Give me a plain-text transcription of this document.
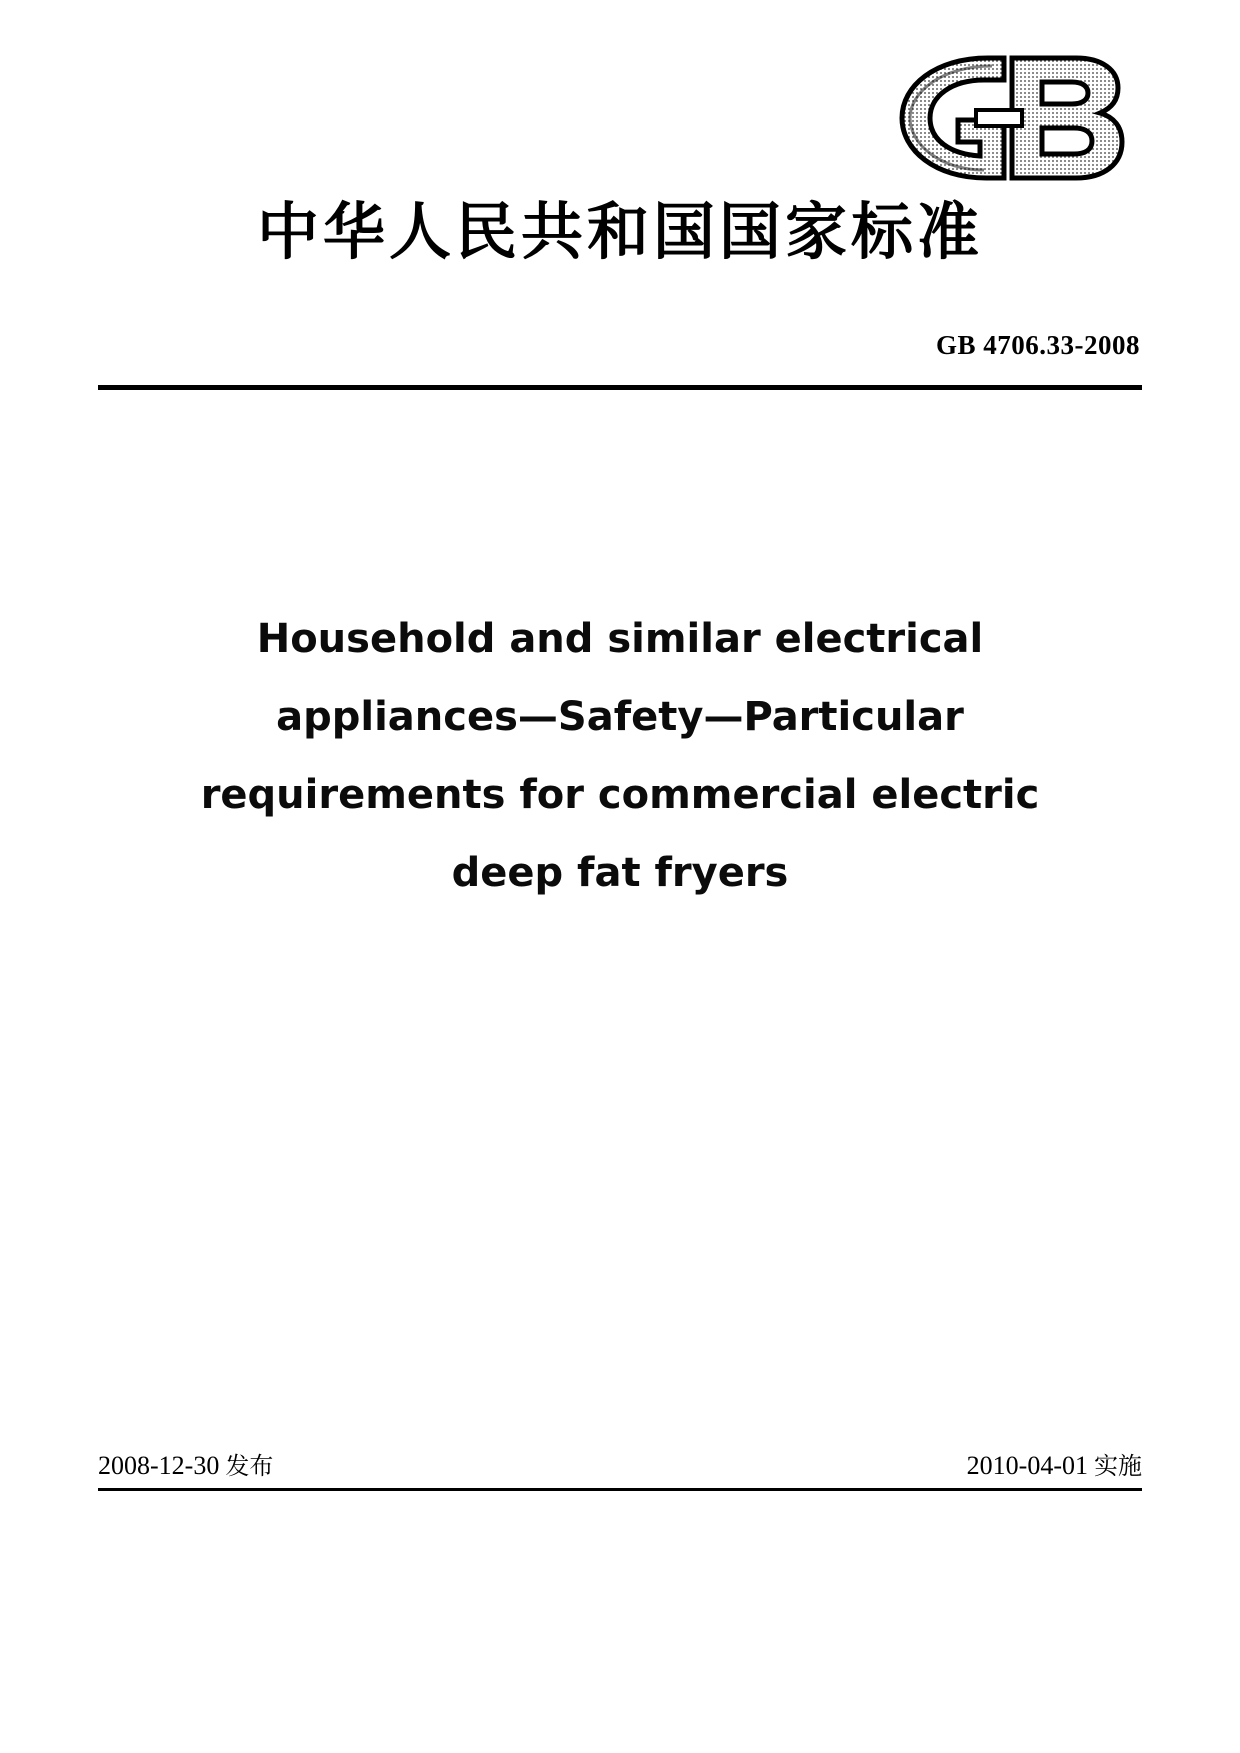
中华人民共和国国家标准
GB 4706.33-2008
Household and similar electrical
appliances—Safety—Particular
requirements for commercial electric
deep fat fryers
2008-12-30 发布	2010-04-01 实施
